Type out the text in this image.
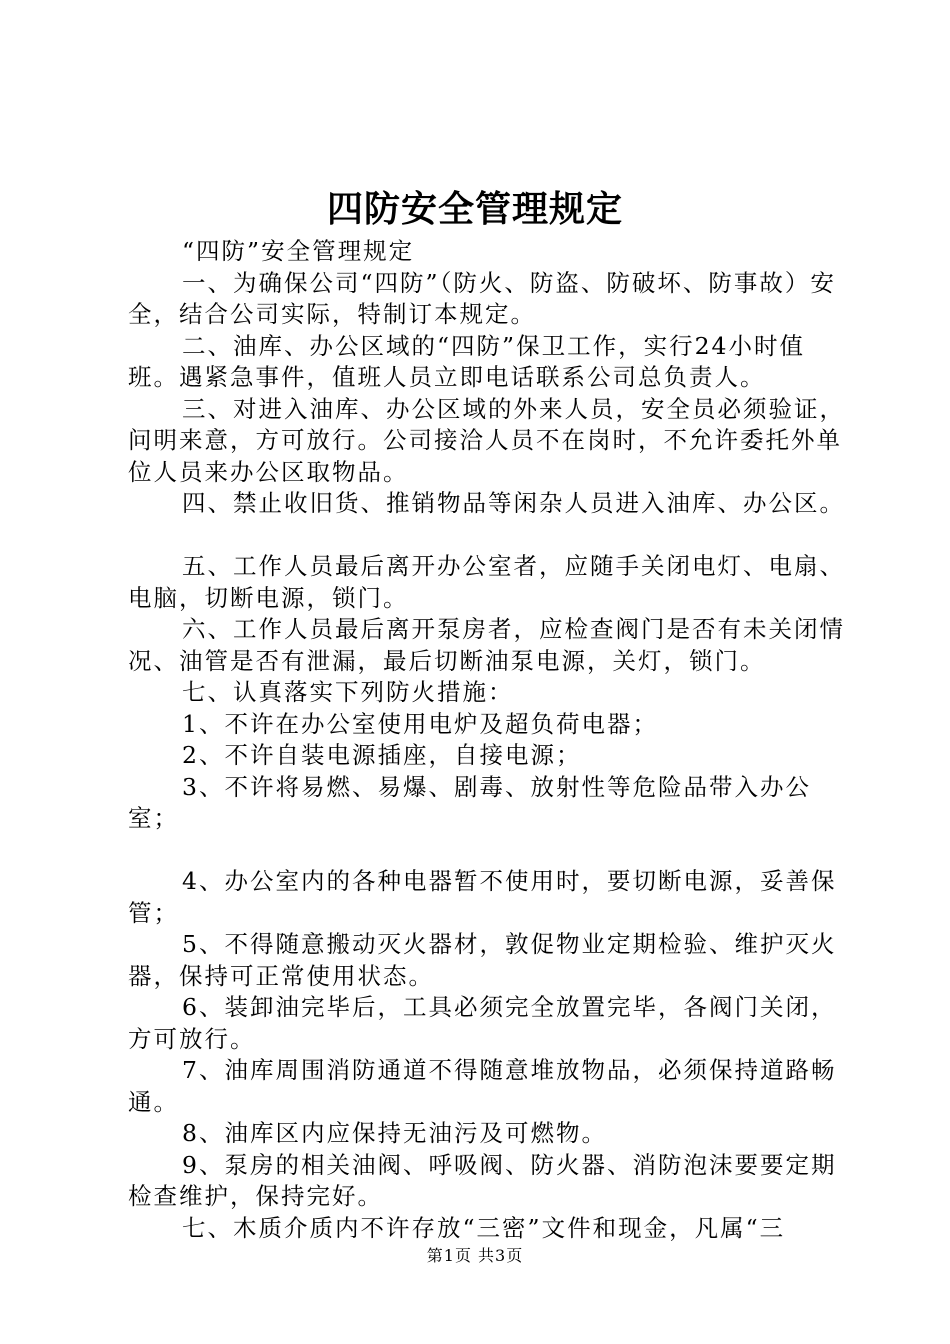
四防安全管理规定

“四防”安全管理规定

一、为确保公司“四防”（防火、防盗、防破坏、防事故）安全，结合公司实际，特制订本规定。

二、油库、办公区域的“四防”保卫工作，实行24小时值班。遇紧急事件，值班人员立即电话联系公司总负责人。

三、对进入油库、办公区域的外来人员，安全员必须验证，问明来意，方可放行。公司接洽人员不在岗时，不允许委托外单位人员来办公区取物品。

四、禁止收旧货、推销物品等闲杂人员进入油库、办公区。

五、工作人员最后离开办公室者，应随手关闭电灯、电扇、电脑，切断电源，锁门。

六、工作人员最后离开泵房者，应检查阀门是否有未关闭情况、油管是否有泄漏，最后切断油泵电源，关灯，锁门。

七、认真落实下列防火措施：

1、不许在办公室使用电炉及超负荷电器；

2、不许自装电源插座，自接电源；

3、不许将易燃、易爆、剧毒、放射性等危险品带入办公室；

4、办公室内的各种电器暂不使用时，要切断电源，妥善保管；

5、不得随意搬动灭火器材，敦促物业定期检验、维护灭火器，保持可正常使用状态。

6、装卸油完毕后，工具必须完全放置完毕，各阀门关闭，方可放行。

7、油库周围消防通道不得随意堆放物品，必须保持道路畅通。

8、油库区内应保持无油污及可燃物。

9、泵房的相关油阀、呼吸阀、防火器、消防泡沫要要定期检查维护，保持完好。

七、木质介质内不许存放“三密”文件和现金，凡属“三

第1页 共3页
